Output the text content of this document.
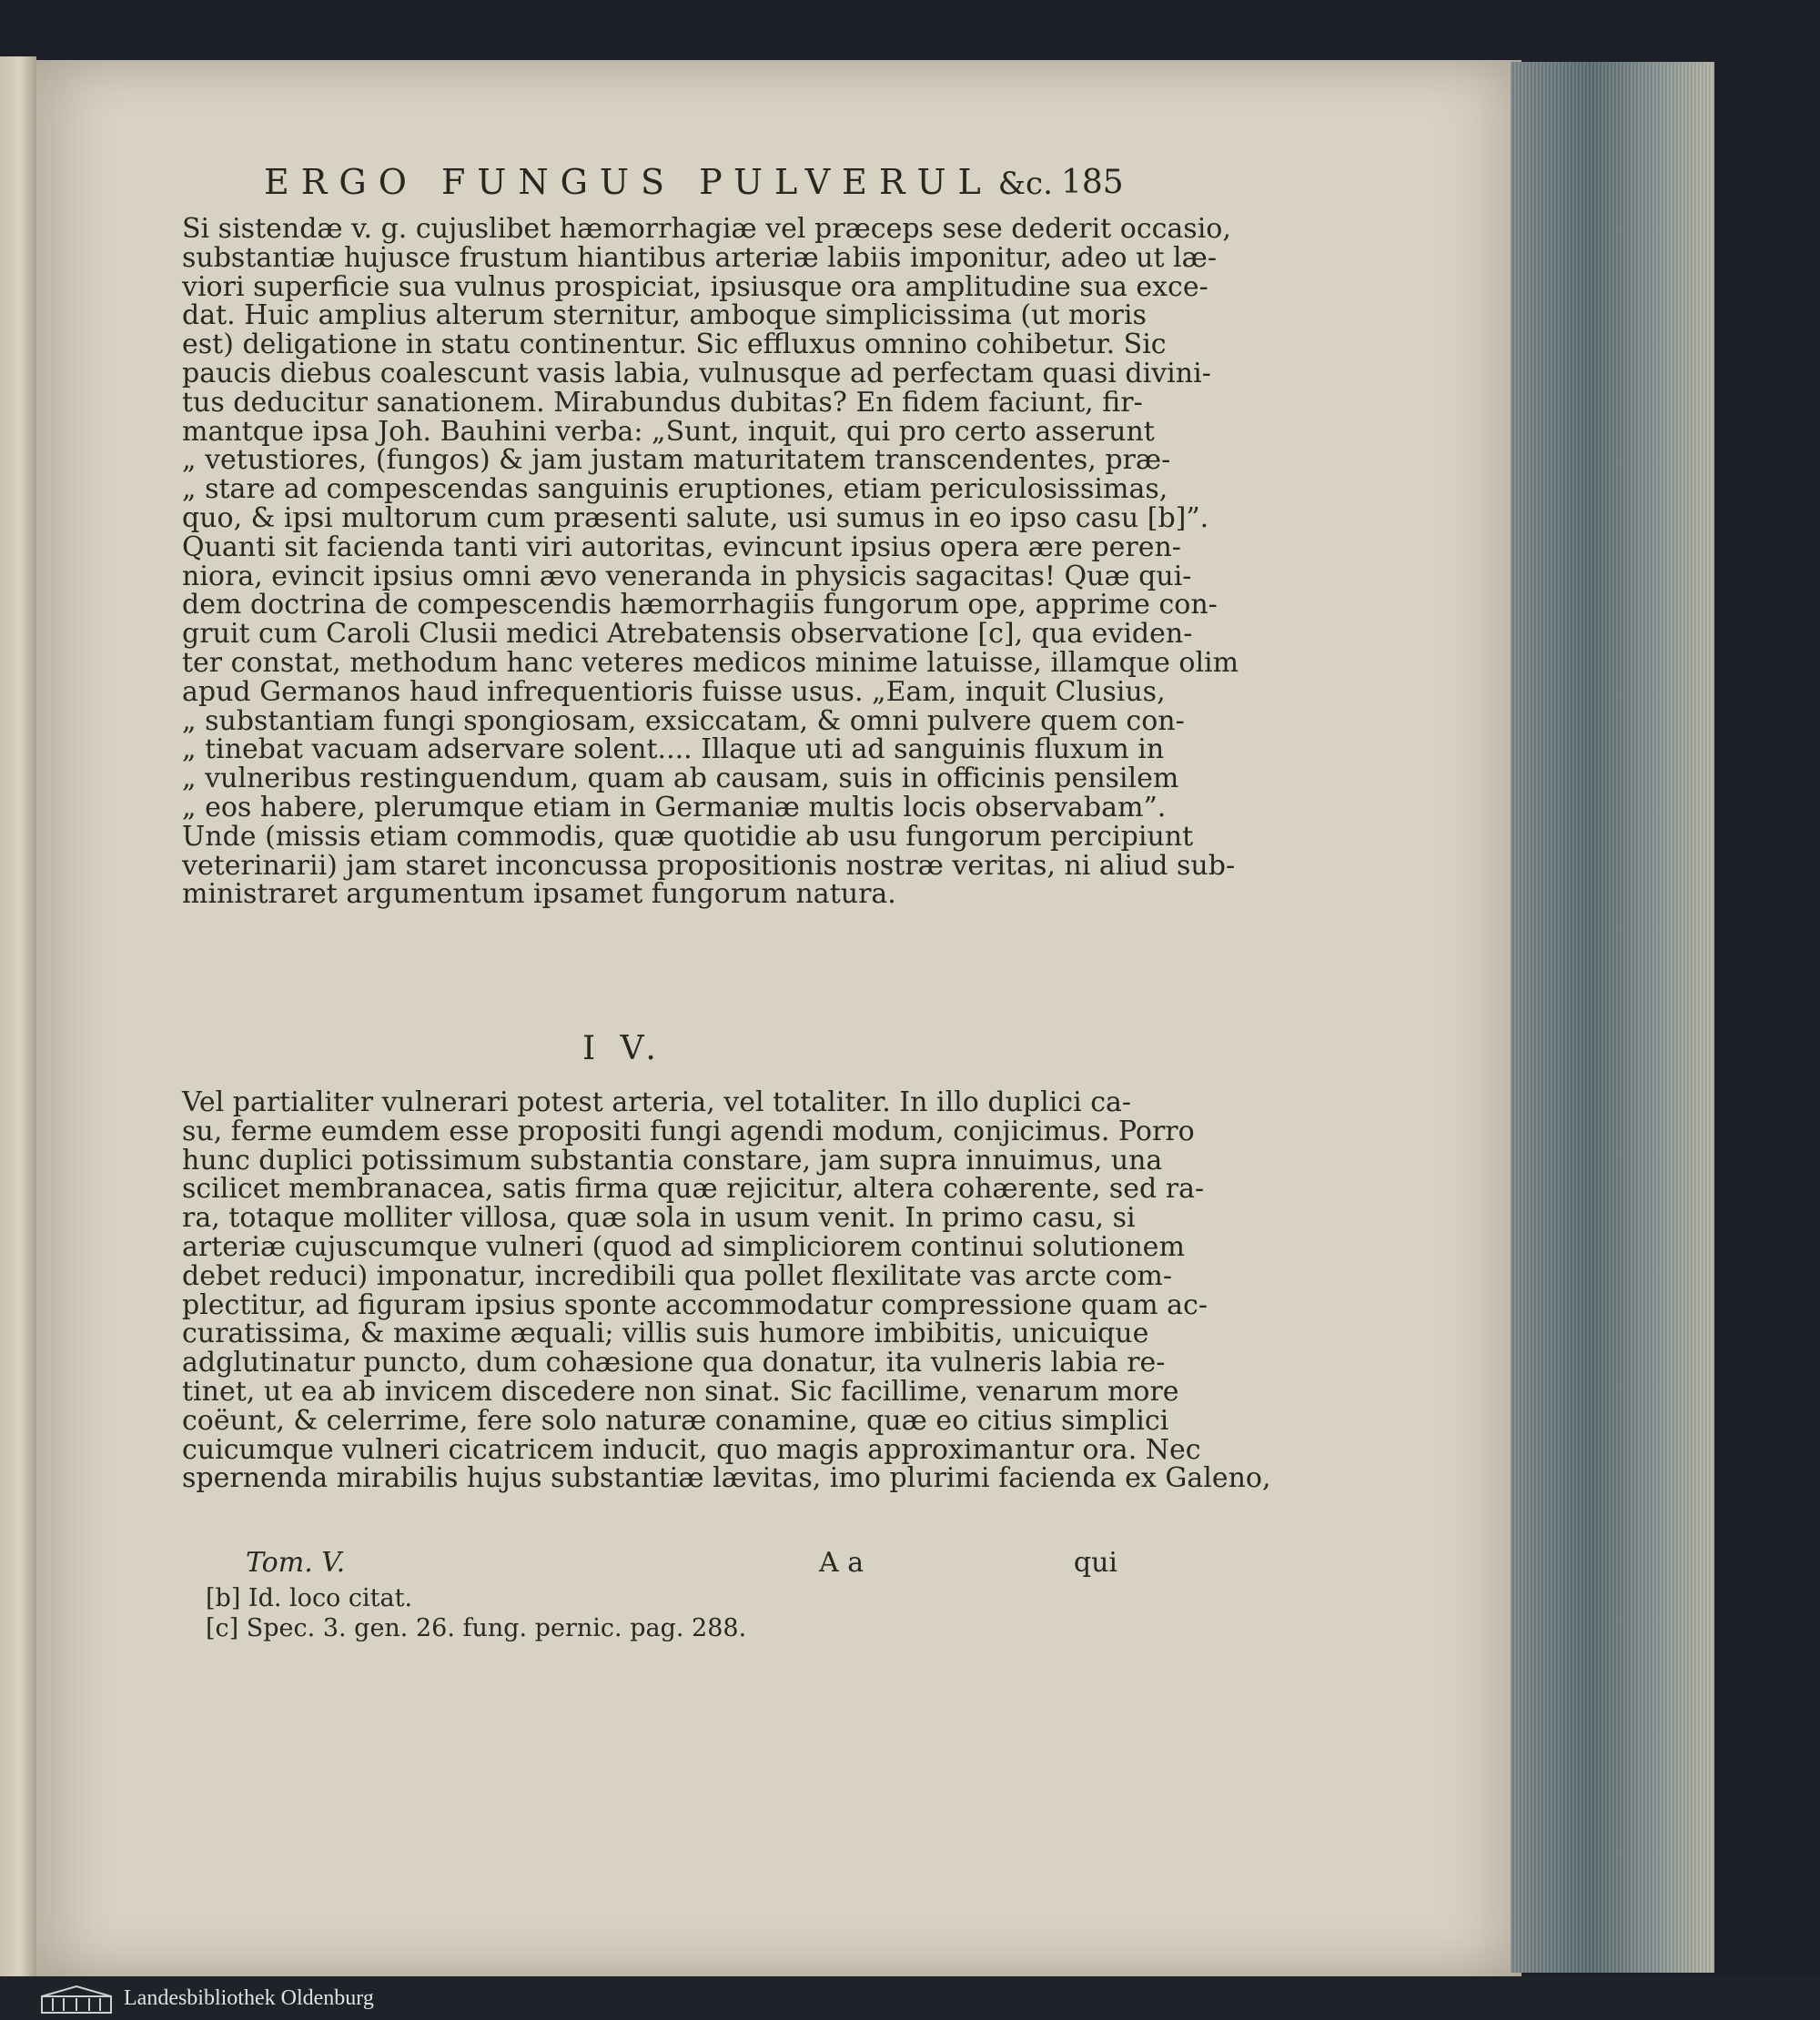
ERGO FUNGUS PULVERUL &c. 185
Si sistendæ v. g. cujuslibet hæmorrhagiæ vel præceps sese dederit occasio,
substantiæ hujusce frustum hiantibus arteriæ labiis imponitur, adeo ut læ-
viori superficie sua vulnus prospiciat, ipsiusque ora amplitudine sua exce-
dat. Huic amplius alterum sternitur, amboque simplicissima (ut moris
est) deligatione in statu continentur. Sic effluxus omnino cohibetur. Sic
paucis diebus coalescunt vasis labia, vulnusque ad perfectam quasi divini-
tus deducitur sanationem. Mirabundus dubitas? En fidem faciunt, fir-
mantque ipsa Joh. Bauhini verba: „Sunt, inquit, qui pro certo asserunt
„ vetustiores, (fungos) & jam justam maturitatem transcendentes, præ-
„ stare ad compescendas sanguinis eruptiones, etiam periculosissimas,
quo, & ipsi multorum cum præsenti salute, usi sumus in eo ipso casu [b]”.
Quanti sit facienda tanti viri autoritas, evincunt ipsius opera ære peren-
niora, evincit ipsius omni ævo veneranda in physicis sagacitas! Quæ qui-
dem doctrina de compescendis hæmorrhagiis fungorum ope, apprime con-
gruit cum Caroli Clusii medici Atrebatensis observatione [c], qua eviden-
ter constat, methodum hanc veteres medicos minime latuisse, illamque olim
apud Germanos haud infrequentioris fuisse usus. „Eam, inquit Clusius,
„ substantiam fungi spongiosam, exsiccatam, & omni pulvere quem con-
„ tinebat vacuam adservare solent.... Illaque uti ad sanguinis fluxum in
„ vulneribus restinguendum, quam ab causam, suis in officinis pensilem
„ eos habere, plerumque etiam in Germaniæ multis locis observabam”.
Unde (missis etiam commodis, quæ quotidie ab usu fungorum percipiunt
veterinarii) jam staret inconcussa propositionis nostræ veritas, ni aliud sub-
ministraret argumentum ipsamet fungorum natura.
I V.
Vel partialiter vulnerari potest arteria, vel totaliter. In illo duplici ca-
su, ferme eumdem esse propositi fungi agendi modum, conjicimus. Porro
hunc duplici potissimum substantia constare, jam supra innuimus, una
scilicet membranacea, satis firma quæ rejicitur, altera cohærente, sed ra-
ra, totaque molliter villosa, quæ sola in usum venit. In primo casu, si
arteriæ cujuscumque vulneri (quod ad simpliciorem continui solutionem
debet reduci) imponatur, incredibili qua pollet flexilitate vas arcte com-
plectitur, ad figuram ipsius sponte accommodatur compressione quam ac-
curatissima, & maxime æquali; villis suis humore imbibitis, unicuique
adglutinatur puncto, dum cohæsione qua donatur, ita vulneris labia re-
tinet, ut ea ab invicem discedere non sinat. Sic facillime, venarum more
coëunt, & celerrime, fere solo naturæ conamine, quæ eo citius simplici
cuicumque vulneri cicatricem inducit, quo magis approximantur ora. Nec
spernenda mirabilis hujus substantiæ lævitas, imo plurimi facienda ex Galeno,
Tom. V.	A a	qui
[b] Id. loco citat.
[c] Spec. 3. gen. 26. fung. pernic. pag. 288.
Landesbibliothek Oldenburg
